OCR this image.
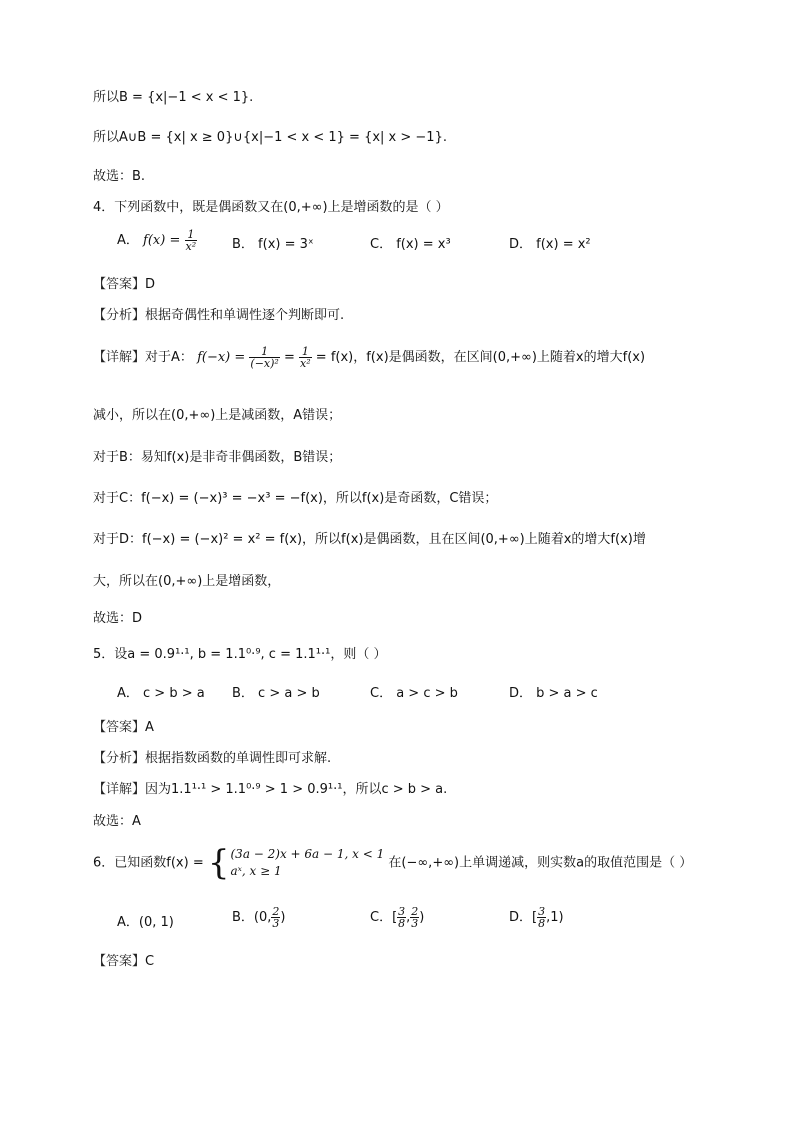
所以B = {x|−1 < x < 1}.
所以A∪B = {x| x ≥ 0}∪{x|−1 < x < 1} = {x| x > −1}.
故选：B.
4．下列函数中，既是偶函数又在(0,+∞)上是增函数的是（ ）
A． $f(x) = \frac{1}{\text{x²}}$	B． f(x) = 3ˣ	C． f(x) = x³	D． f(x) = x²
【答案】D
【分析】根据奇偶性和单调性逐个判断即可.
【详解】对于A： $f(-x) = \frac{1}{\text{(−x)²}} = \frac{1}{\text{x²}} = f(x)$，f(x)是偶函数，在区间(0,+∞)上随着x的增大f(x)
减小，所以在(0,+∞)上是减函数，A错误；
对于B：易知f(x)是非奇非偶函数，B错误；
对于C：f(−x) = (−x)³ = −x³ = −f(x)，所以f(x)是奇函数，C错误；
对于D：f(−x) = (−x)² = x² = f(x)，所以f(x)是偶函数，且在区间(0,+∞)上随着x的增大f(x)增
大，所以在(0,+∞)上是增函数，
故选：D
5．设a = 0.9¹·¹, b = 1.1⁰·⁹, c = 1.1¹·¹，则（ ）
A． c > b > a B． c > a > b	C． a > c > b	D． b > a > c
【答案】A
【分析】根据指数函数的单调性即可求解.
【详解】因为1.1¹·¹ > 1.1⁰·⁹ > 1 > 0.9¹·¹，所以c > b > a.
故选：A
6．已知函数f(x) = { (3a − 2)x + 6a − 1, x < 1
aˣ, x ≥ 1
在(−∞,+∞)上单调递减，则实数a的取值范围是（ ）
A．(0, 1)	B．(0, $\frac{2}{3}$ )	C．[ $\frac{3}{8}$ , $\frac{2}{3}$ )	D．[ $\frac{3}{8} ,1$)
【答案】C
